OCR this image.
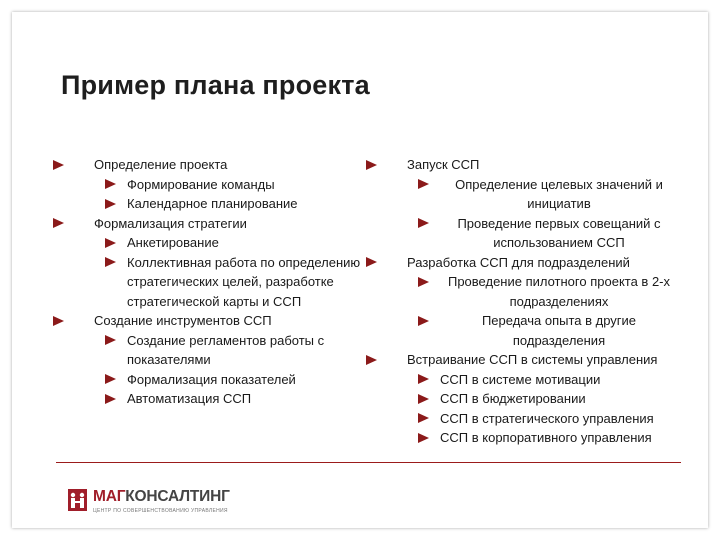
Пример плана проекта
Определение проекта
Формирование команды
Календарное планирование
Формализация стратегии
Анкетирование
Коллективная работа по определению стратегических целей, разработке стратегической карты и ССП
Создание инструментов ССП
Создание регламентов работы с показателями
Формализация показателей
Автоматизация ССП
Запуск ССП
Определение целевых значений и инициатив
Проведение первых совещаний с использованием ССП
Разработка ССП для подразделений
Проведение пилотного проекта в 2-х подразделениях
Передача опыта в другие подразделения
Встраивание ССП в системы управления
ССП в системе мотивации
ССП в бюджетировании
ССП в стратегического управления
ССП в корпоративного управления
МАГКОНСАЛТИНГ
ЦЕНТР ПО СОВЕРШЕНСТВОВАНИЮ УПРАВЛЕНИЯ
